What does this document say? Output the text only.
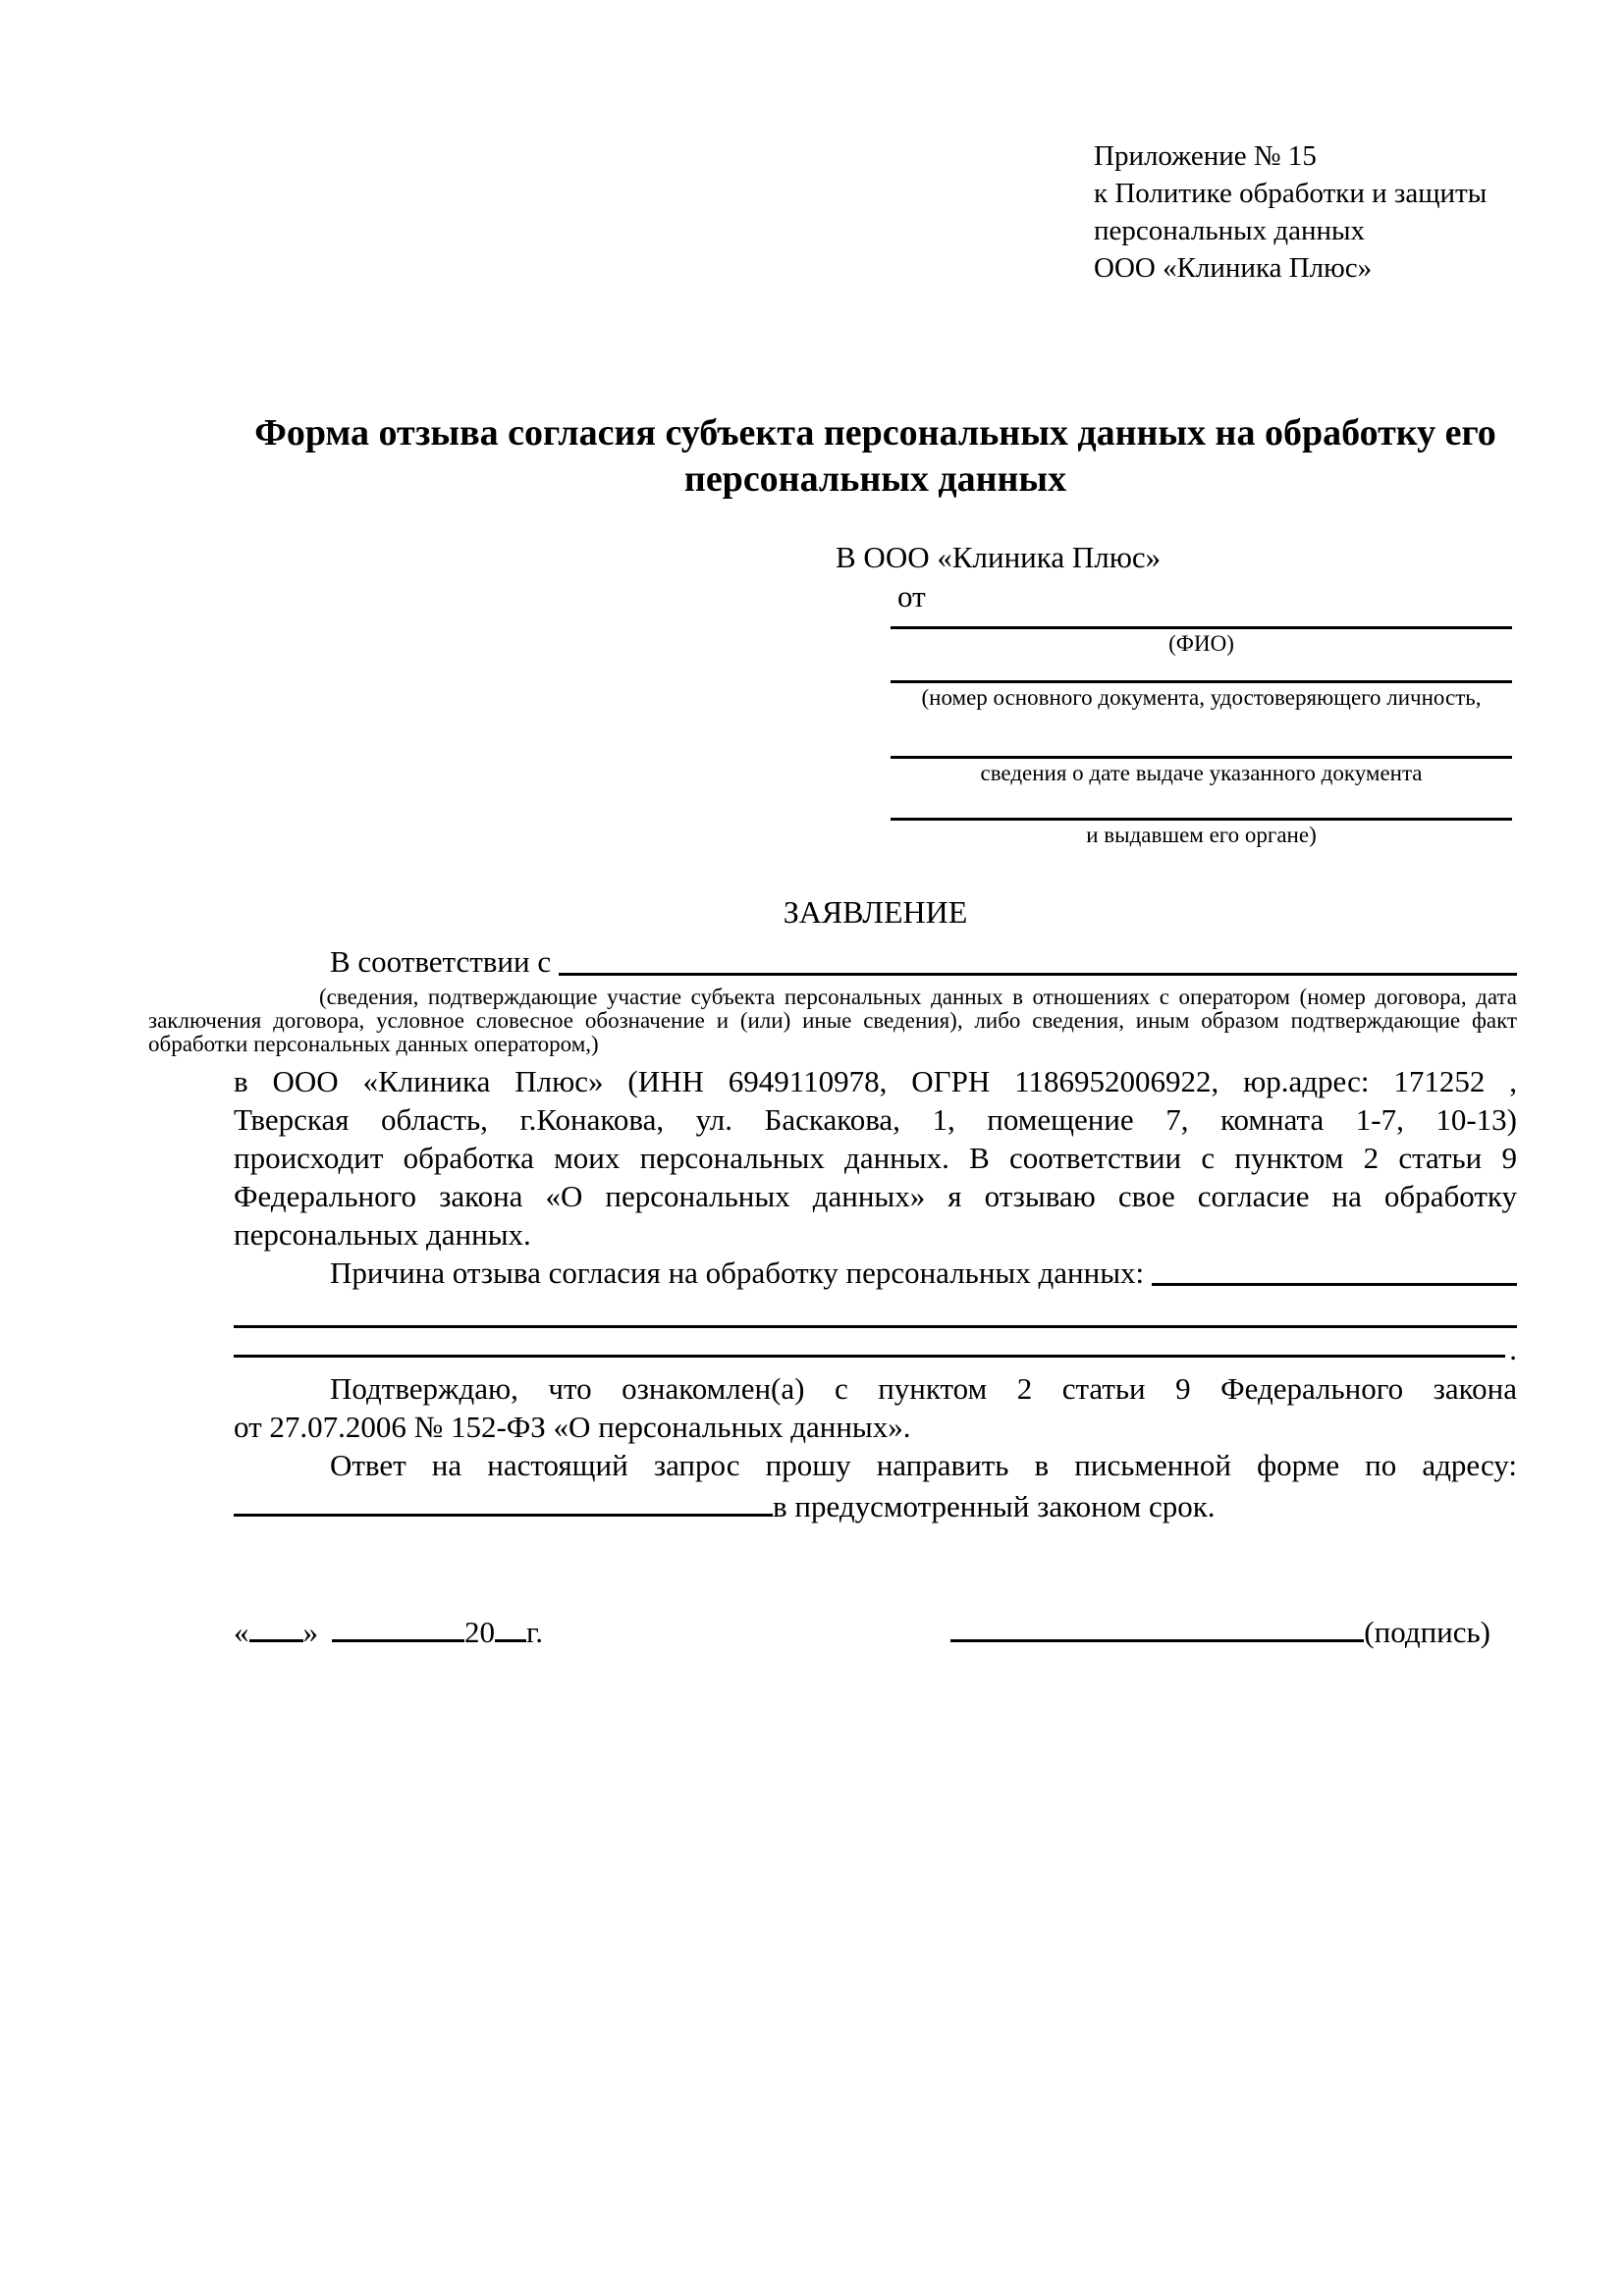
Приложение № 15
к Политике обработки и защиты
персональных данных
ООО «Клиника Плюс»
Форма отзыва согласия субъекта персональных данных на обработку его персональных данных
В ООО «Клиника Плюс»
от
(ФИО)
(номер основного документа, удостоверяющего личность,
сведения о дате выдаче указанного документа
и выдавшем его органе)
ЗАЯВЛЕНИЕ
В соответствии с
(сведения, подтверждающие участие субъекта персональных данных в отношениях с оператором (номер договора, дата
заключения договора, условное словесное обозначение и (или) иные сведения), либо сведения, иным образом подтверждающие факт
обработки персональных данных оператором,)
в ООО «Клиника Плюс» (ИНН 6949110978, ОГРН 1186952006922, юр.адрес: 171252 ,
Тверская область, г.Конакова, ул. Баскакова, 1, помещение 7, комната 1-7, 10-13)
происходит обработка моих персональных данных. В соответствии с пунктом 2 статьи 9
Федерального закона «О персональных данных» я отзываю свое согласие на обработку
персональных данных.
Причина отзыва согласия на обработку персональных данных:
.
Подтверждаю, что ознакомлен(а) с пунктом 2 статьи 9 Федерального закона
от 27.07.2006 № 152-ФЗ «О персональных данных».
Ответ на настоящий запрос прошу направить в письменной форме по адресу:
в предусмотренный законом срок.
« »	20 г.	(подпись)
